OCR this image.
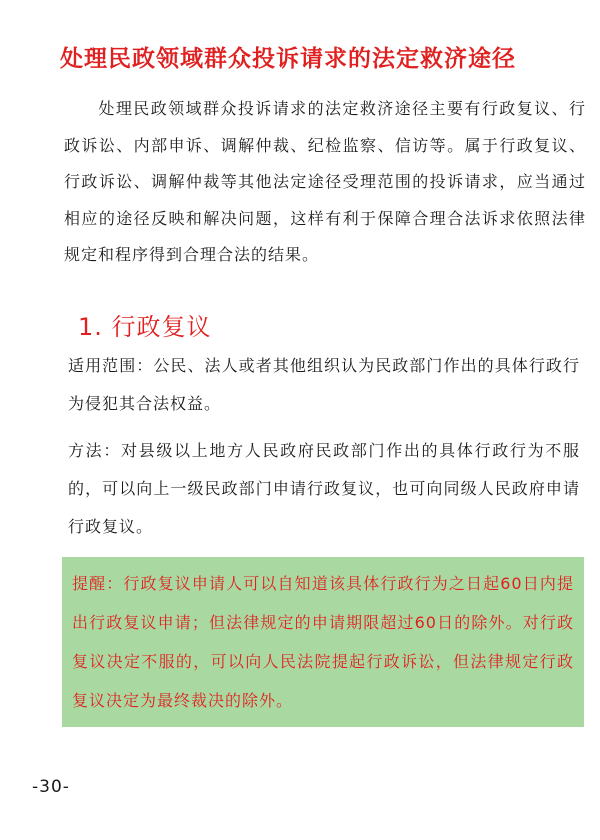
处理民政领域群众投诉请求的法定救济途径

处理民政领域群众投诉请求的法定救济途径主要有行政复议、行政诉讼、内部申诉、调解仲裁、纪检监察、信访等。属于行政复议、行政诉讼、调解仲裁等其他法定途径受理范围的投诉请求，应当通过相应的途径反映和解决问题，这样有利于保障合理合法诉求依照法律规定和程序得到合理合法的结果。

1. 行政复议

适用范围：公民、法人或者其他组织认为民政部门作出的具体行政行为侵犯其合法权益。

方法：对县级以上地方人民政府民政部门作出的具体行政行为不服的，可以向上一级民政部门申请行政复议，也可向同级人民政府申请行政复议。

提醒：行政复议申请人可以自知道该具体行政行为之日起60日内提出行政复议申请；但法律规定的申请期限超过60日的除外。对行政复议决定不服的，可以向人民法院提起行政诉讼，但法律规定行政复议决定为最终裁决的除外。

-30-
